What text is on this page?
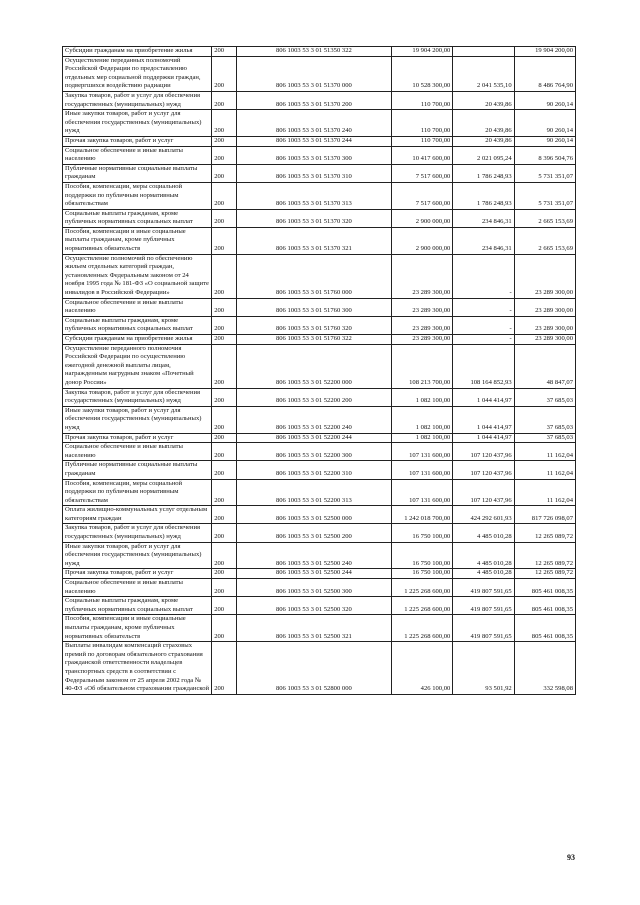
Субсидии гражданам на приобретение жилья	200	806 1003 53 3 01 51350 322	19 904 200,00		19 904 200,00
Осуществление переданных полномочий Российской Федерации по предоставлению отдельных мер социальной поддержки граждан, подвергшихся воздействию радиации	200	806 1003 53 3 01 51370 000	10 528 300,00	2 041 535,10	8 486 764,90
Закупка товаров, работ и услуг для обеспечения государственных (муниципальных) нужд	200	806 1003 53 3 01 51370 200	110 700,00	20 439,86	90 260,14
Иные закупки товаров, работ и услуг для обеспечения государственных (муниципальных) нужд	200	806 1003 53 3 01 51370 240	110 700,00	20 439,86	90 260,14
Прочая закупка товаров, работ и услуг	200	806 1003 53 3 01 51370 244	110 700,00	20 439,86	90 260,14
Социальное обеспечение и иные выплаты населению	200	806 1003 53 3 01 51370 300	10 417 600,00	2 021 095,24	8 396 504,76
Публичные нормативные социальные выплаты гражданам	200	806 1003 53 3 01 51370 310	7 517 600,00	1 786 248,93	5 731 351,07
Пособия, компенсации, меры социальной поддержки по публичным нормативным обязательствам	200	806 1003 53 3 01 51370 313	7 517 600,00	1 786 248,93	5 731 351,07
Социальные выплаты гражданам, кроме публичных нормативных социальных выплат	200	806 1003 53 3 01 51370 320	2 900 000,00	234 846,31	2 665 153,69
Пособия, компенсации и иные социальные выплаты гражданам, кроме публичных нормативных обязательств	200	806 1003 53 3 01 51370 321	2 900 000,00	234 846,31	2 665 153,69
Осуществление полномочий по обеспечению жильем отдельных категорий граждан, установленных Федеральным законом от 24 ноября 1995 года № 181-ФЗ «О социальной защите инвалидов в Российской Федерации»	200	806 1003 53 3 01 51760 000	23 289 300,00	-	23 289 300,00
Социальное обеспечение и иные выплаты населению	200	806 1003 53 3 01 51760 300	23 289 300,00	-	23 289 300,00
Социальные выплаты гражданам, кроме публичных нормативных социальных выплат	200	806 1003 53 3 01 51760 320	23 289 300,00	-	23 289 300,00
Субсидии гражданам на приобретение жилья	200	806 1003 53 3 01 51760 322	23 289 300,00	-	23 289 300,00
Осуществление переданного полномочия Российской Федерации по осуществлению ежегодной денежной выплаты лицам, награжденным нагрудным знаком «Почетный донор России»	200	806 1003 53 3 01 52200 000	108 213 700,00	108 164 852,93	48 847,07
Закупка товаров, работ и услуг для обеспечения государственных (муниципальных) нужд	200	806 1003 53 3 01 52200 200	1 082 100,00	1 044 414,97	37 685,03
Иные закупки товаров, работ и услуг для обеспечения государственных (муниципальных) нужд	200	806 1003 53 3 01 52200 240	1 082 100,00	1 044 414,97	37 685,03
Прочая закупка товаров, работ и услуг	200	806 1003 53 3 01 52200 244	1 082 100,00	1 044 414,97	37 685,03
Социальное обеспечение и иные выплаты населению	200	806 1003 53 3 01 52200 300	107 131 600,00	107 120 437,96	11 162,04
Публичные нормативные социальные выплаты гражданам	200	806 1003 53 3 01 52200 310	107 131 600,00	107 120 437,96	11 162,04
Пособия, компенсации, меры социальной поддержки по публичным нормативным обязательствам	200	806 1003 53 3 01 52200 313	107 131 600,00	107 120 437,96	11 162,04
Оплата жилищно-коммунальных услуг отдельным категориям граждан	200	806 1003 53 3 01 52500 000	1 242 018 700,00	424 292 601,93	817 726 098,07
Закупка товаров, работ и услуг для обеспечения государственных (муниципальных) нужд	200	806 1003 53 3 01 52500 200	16 750 100,00	4 485 010,28	12 265 089,72
Иные закупки товаров, работ и услуг для обеспечения государственных (муниципальных) нужд	200	806 1003 53 3 01 52500 240	16 750 100,00	4 485 010,28	12 265 089,72
Прочая закупка товаров, работ и услуг	200	806 1003 53 3 01 52500 244	16 750 100,00	4 485 010,28	12 265 089,72
Социальное обеспечение и иные выплаты населению	200	806 1003 53 3 01 52500 300	1 225 268 600,00	419 807 591,65	805 461 008,35
Социальные выплаты гражданам, кроме публичных нормативных социальных выплат	200	806 1003 53 3 01 52500 320	1 225 268 600,00	419 807 591,65	805 461 008,35
Пособия, компенсации и иные социальные выплаты гражданам, кроме публичных нормативных обязательств	200	806 1003 53 3 01 52500 321	1 225 268 600,00	419 807 591,65	805 461 008,35
Выплаты инвалидам компенсаций страховых премий по договорам обязательного страхования гражданской ответственности владельцев транспортных средств в соответствии с Федеральным законом от 25 апреля 2002 года № 40-ФЗ «Об обязательном страховании гражданской	200	806 1003 53 3 01 52800 000	426 100,00	93 501,92	332 598,08
93
